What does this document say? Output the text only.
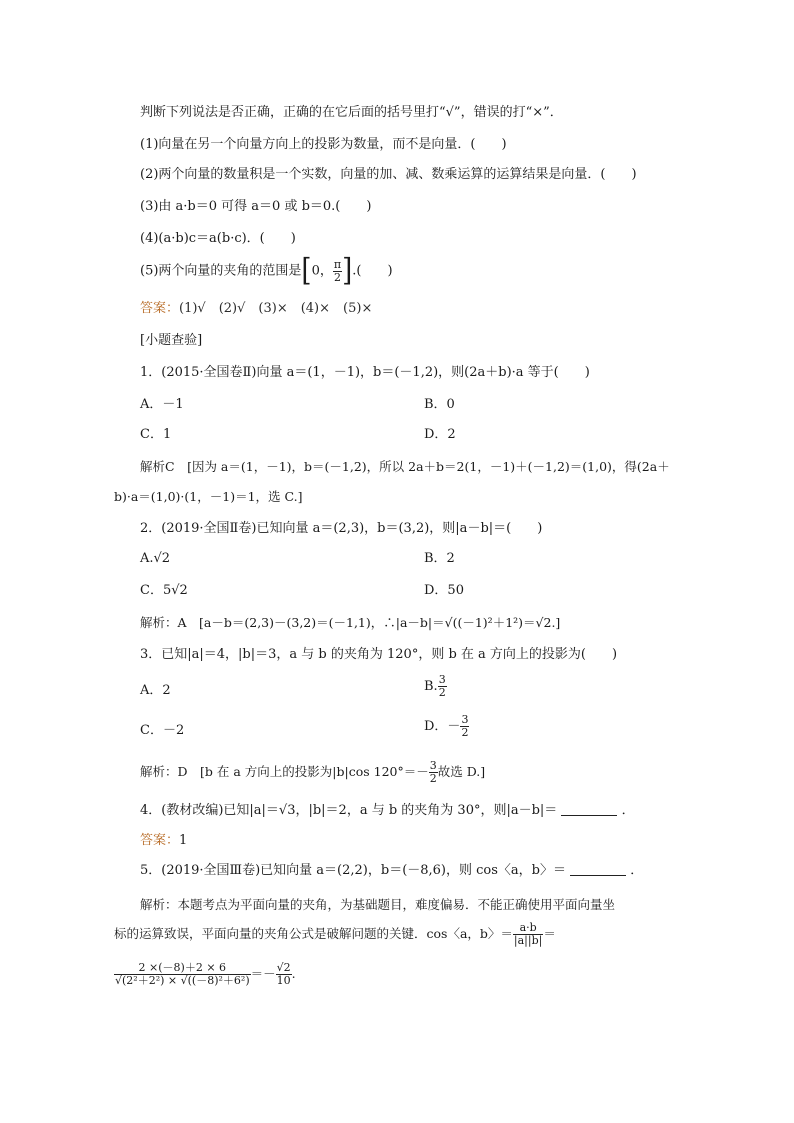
判断下列说法是否正确，正确的在它后面的括号里打“√”，错误的打“×”．
(1)向量在另一个向量方向上的投影为数量，而不是向量．(　　)
(2)两个向量的数量积是一个实数，向量的加、减、数乘运算的运算结果是向量．(　　)
(3)由 a·b＝0 可得 a＝0 或 b＝0.(　　)
(4)(a·b)c＝a(b·c)．(　　)
(5)两个向量的夹角的范围是[0， $\frac{\pi}{2}$ ].(　　)
答案：(1)√　(2)√　(3)×　(4)×　(5)×
[小题查验]
1．(2015·全国卷Ⅱ)向量 a＝(1，－1)，b＝(－1,2)，则(2a＋b)·a 等于(　　)
A．－1	B．0
C．1	D．2
解析C　[因为 a＝(1，－1)，b＝(－1,2)，所以 2a＋b＝2(1，－1)＋(－1,2)＝(1,0)，得(2a＋
b)·a＝(1,0)·(1，－1)＝1，选 C.]
2．(2019·全国Ⅱ卷)已知向量 a＝(2,3)，b＝(3,2)，则|a－b|＝(　　)
A.√2	B．2
C．5√2	D．50
解析：A　[a－b＝(2,3)－(3,2)＝(－1,1)，∴|a－b|＝√((－1)²＋1²)＝√2.]
3．已知|a|＝4，|b|＝3，a 与 b 的夹角为 120°，则 b 在 a 方向上的投影为(　　)
A．2	B. $\frac{3}{2}$
C．－2	D．－ $\frac{3}{2}$
解析：D　[b 在 a 方向上的投影为|b|cos $120^\circ=- \frac{3}{2}$ 故选 D.]
4．(教材改编)已知|a|＝√3，|b|＝2，a 与 b 的夹角为 30°，则|a－b|＝	．
答案：1
5．(2019·全国Ⅲ卷)已知向量 a＝(2,2)，b＝(－8,6)，则 cos〈a，b〉＝	．
解析：本题考点为平面向量的夹角，为基础题目，难度偏易．不能正确使用平面向量坐
标的运算致误，平面向量的夹角公式是破解问题的关键．cos〈a，b〉＝ $\frac{a\cdot b}{|a||b|}$ ＝
$\frac{2 \times(-8)+2 \times 6}{\text{√(2²＋2²) × √((－8)²＋6²)}} =- \frac{√2}{10}$ .
